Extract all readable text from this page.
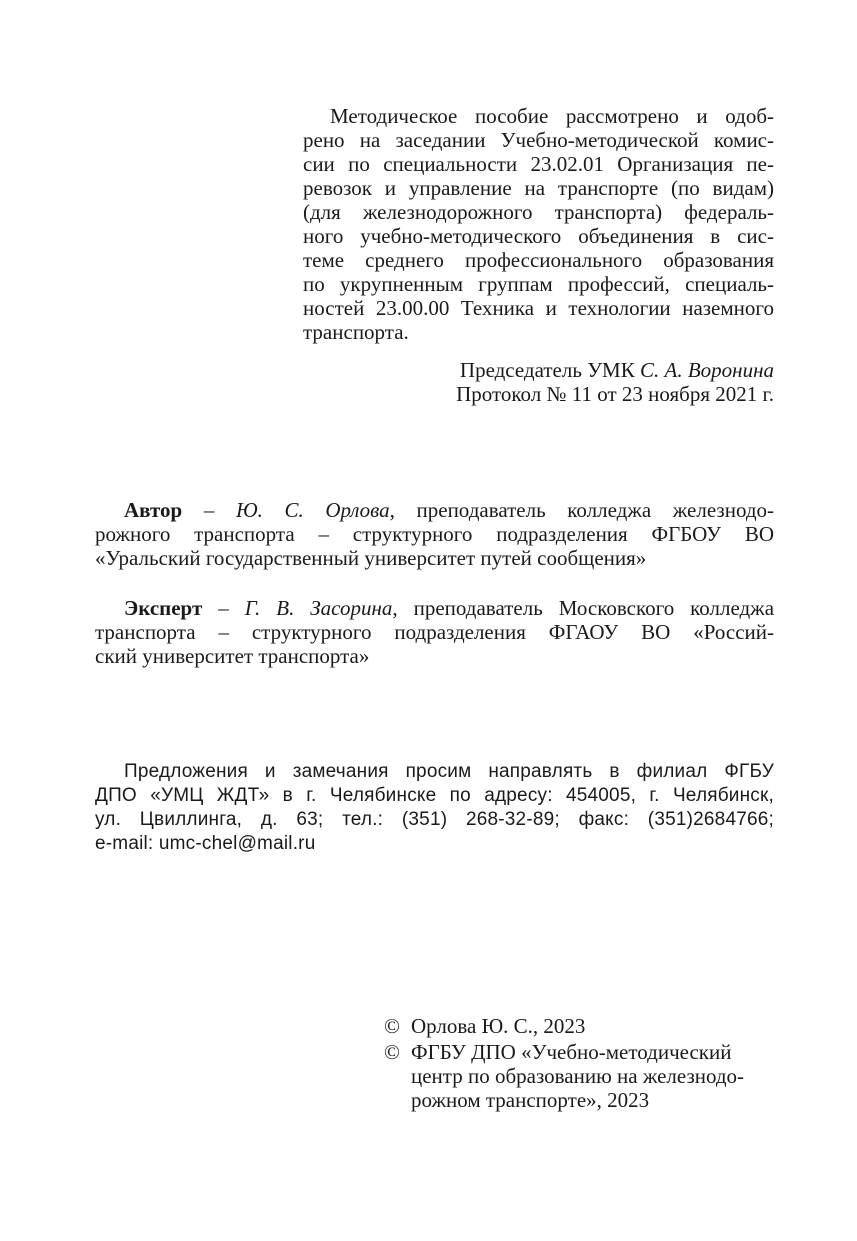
Методическое пособие рассмотрено и одоб-
рено на заседании Учебно-методической комис-
сии по специальности 23.02.01 Организация пе-
ревозок и управление на транспорте (по видам)
(для железнодорожного транспорта) федераль-
ного учебно-методического объединения в сис-
теме среднего профессионального образования
по укрупненным группам профессий, специаль-
ностей 23.00.00 Техника и технологии наземного
транспорта.
Председатель УМК С. А. Воронина
Протокол № 11 от 23 ноября 2021 г.
Автор – Ю. С. Орлова, преподаватель колледжа железнодо-
рожного транспорта – структурного подразделения ФГБОУ ВО
«Уральский государственный университет путей сообщения»
Эксперт – Г. В. Засорина, преподаватель Московского колледжа
транспорта – структурного подразделения ФГАОУ ВО «Россий-
ский университет транспорта»
Предложения и замечания просим направлять в филиал ФГБУ
ДПО «УМЦ ЖДТ» в г. Челябинске по адресу: 454005, г. Челябинск,
ул. Цвиллинга, д. 63; тел.: (351) 268-32-89; факс: (351)2684766;
e-mail: umc-chel@mail.ru
© Орлова Ю. С., 2023
© ФГБУ ДПО «Учебно-методический
центр по образованию на железнодо-
рожном транспорте», 2023
